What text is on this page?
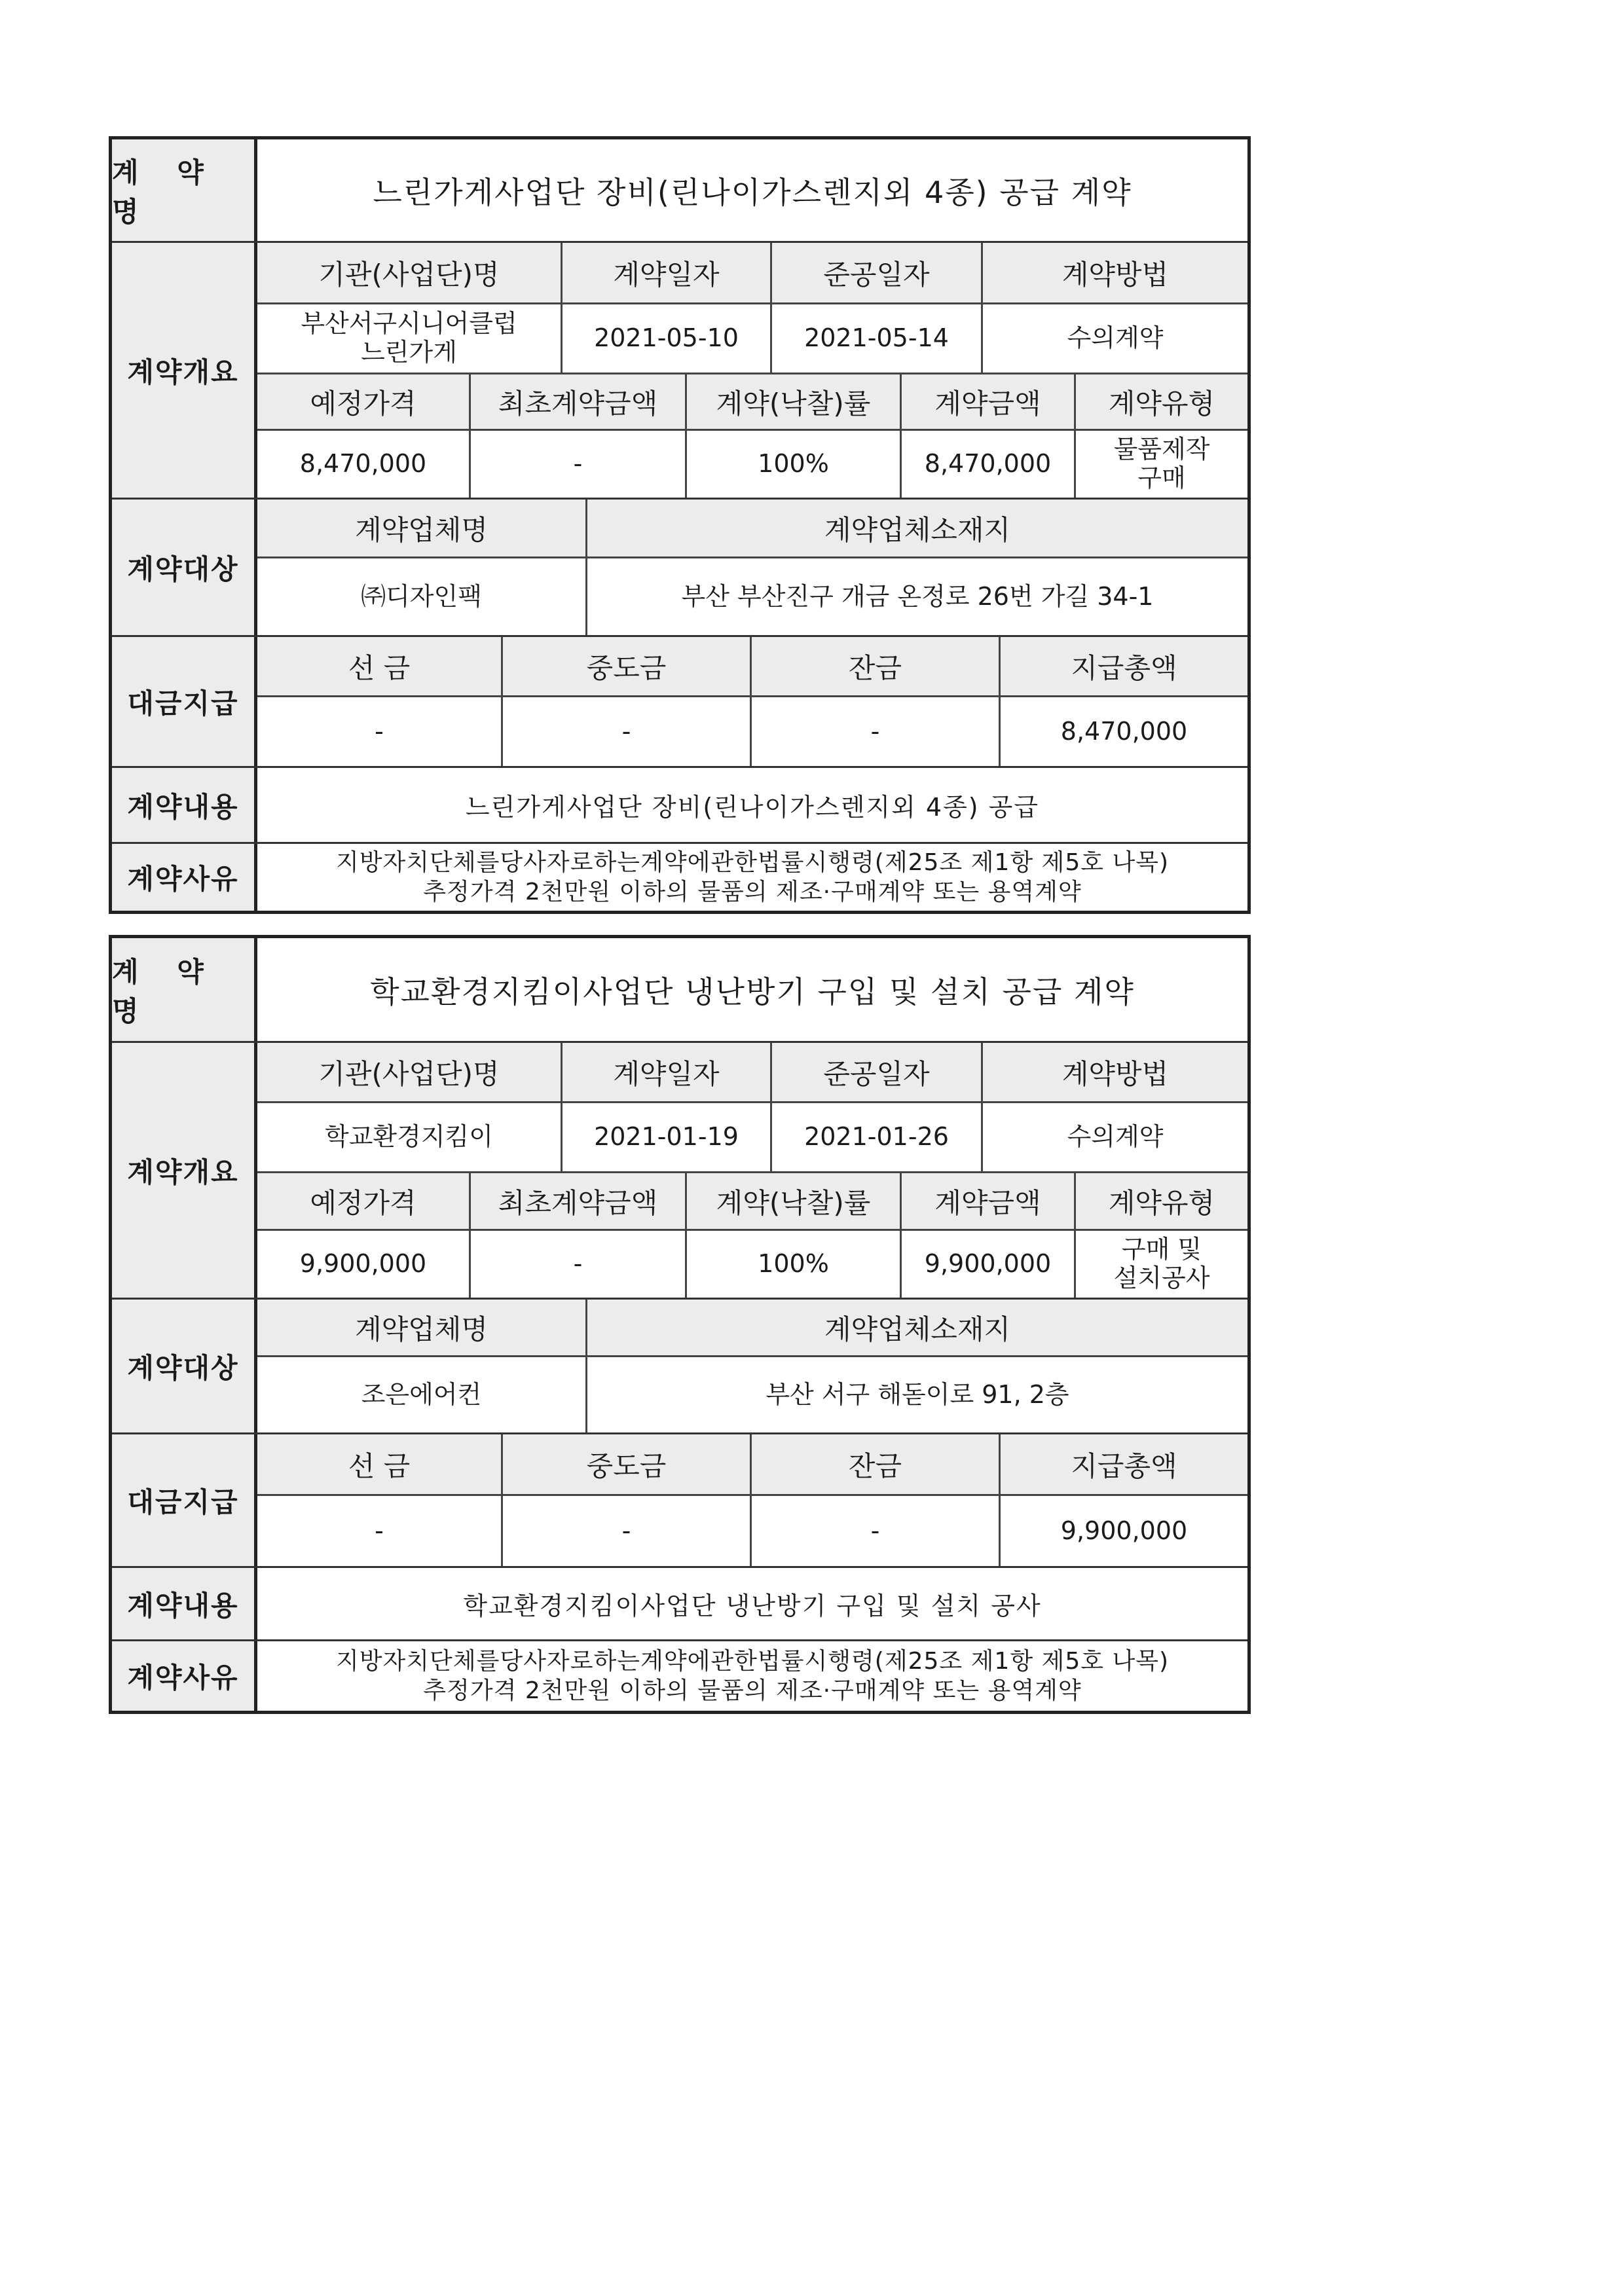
계 약 명
느린가게사업단 장비(린나이가스렌지외 4종) 공급 계약
계약개요
기관(사업단)명	계약일자	준공일자	계약방법
부산서구시니어클럽
느린가게	2021-05-10	2021-05-14	수의계약
예정가격	최초계약금액	계약(낙찰)률	계약금액	계약유형
8,470,000	-	100%	8,470,000	물품제작
구매
계약대상
계약업체명	계약업체소재지
㈜디자인팩	부산 부산진구 개금 온정로 26번 가길 34-1
대금지급
선 금	중도금	잔금	지급총액
-	-	-	8,470,000
계약내용	느린가게사업단 장비(린나이가스렌지외 4종) 공급
계약사유
지방자치단체를당사자로하는계약에관한법률시행령(제25조 제1항 제5호 나목)
추정가격 2천만원 이하의 물품의 제조·구매계약 또는 용역계약
계 약 명
학교환경지킴이사업단 냉난방기 구입 및 설치 공급 계약
계약개요
기관(사업단)명	계약일자	준공일자	계약방법
학교환경지킴이	2021-01-19	2021-01-26	수의계약
예정가격	최초계약금액	계약(낙찰)률	계약금액	계약유형
9,900,000	-	100%	9,900,000	구매 및
설치공사
계약대상
계약업체명	계약업체소재지
조은에어컨	부산 서구 해돋이로 91, 2층
대금지급
선 금	중도금	잔금	지급총액
-	-	-	9,900,000
계약내용	학교환경지킴이사업단 냉난방기 구입 및 설치 공사
계약사유
지방자치단체를당사자로하는계약에관한법률시행령(제25조 제1항 제5호 나목)
추정가격 2천만원 이하의 물품의 제조·구매계약 또는 용역계약
